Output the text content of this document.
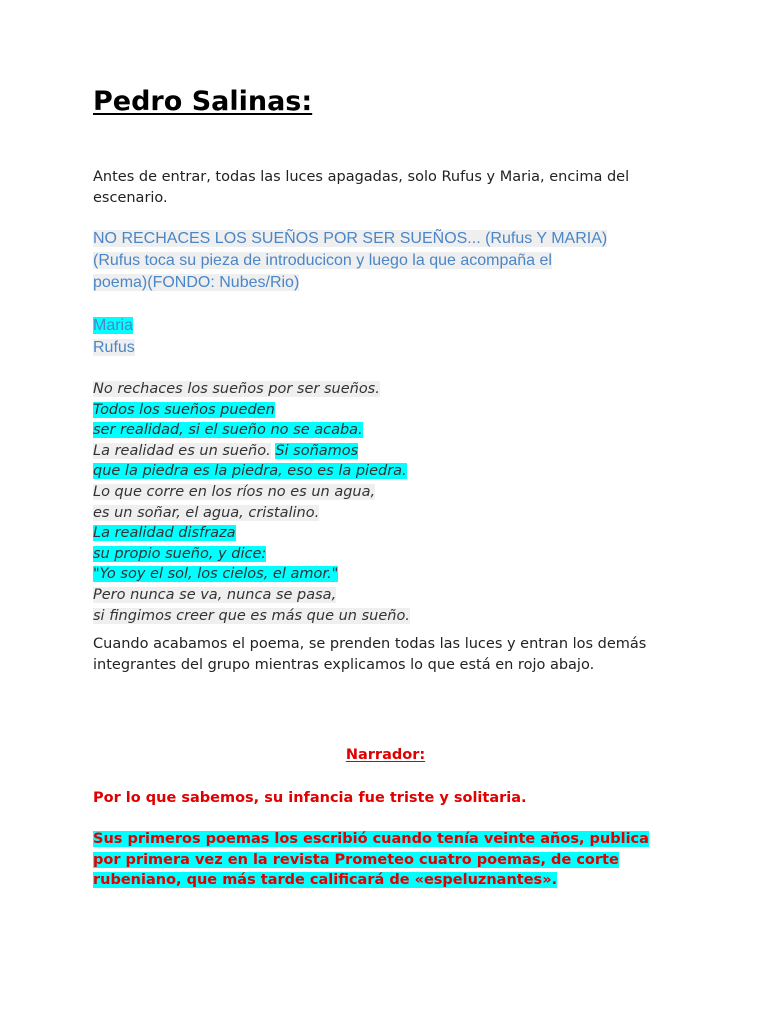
Pedro Salinas:

Antes de entrar, todas las luces apagadas, solo Rufus y Maria, encima del escenario.

NO RECHACES LOS SUEÑOS POR SER SUEÑOS... (Rufus Y MARIA)
(Rufus toca su pieza de introducicon y luego la que acompaña el
poema)(FONDO: Nubes/Rio)
Maria
Rufus
No rechaces los sueños por ser sueños.
Todos los sueños pueden
ser realidad, si el sueño no se acaba.
La realidad es un sueño. Si soñamos
que la piedra es la piedra, eso es la piedra.
Lo que corre en los ríos no es un agua,
es un soñar, el agua, cristalino.
La realidad disfraza
su propio sueño, y dice:
"Yo soy el sol, los cielos, el amor."
Pero nunca se va, nunca se pasa,
si fingimos creer que es más que un sueño.

Cuando acabamos el poema, se prenden todas las luces y entran los demás integrantes del grupo mientras explicamos lo que está en rojo abajo.

Narrador:

Por lo que sabemos, su infancia fue triste y solitaria.

Sus primeros poemas los escribió cuando tenía veinte años, publica por primera vez en la revista Prometeo cuatro poemas, de corte rubeniano, que más tarde calificará de «espeluznantes».
